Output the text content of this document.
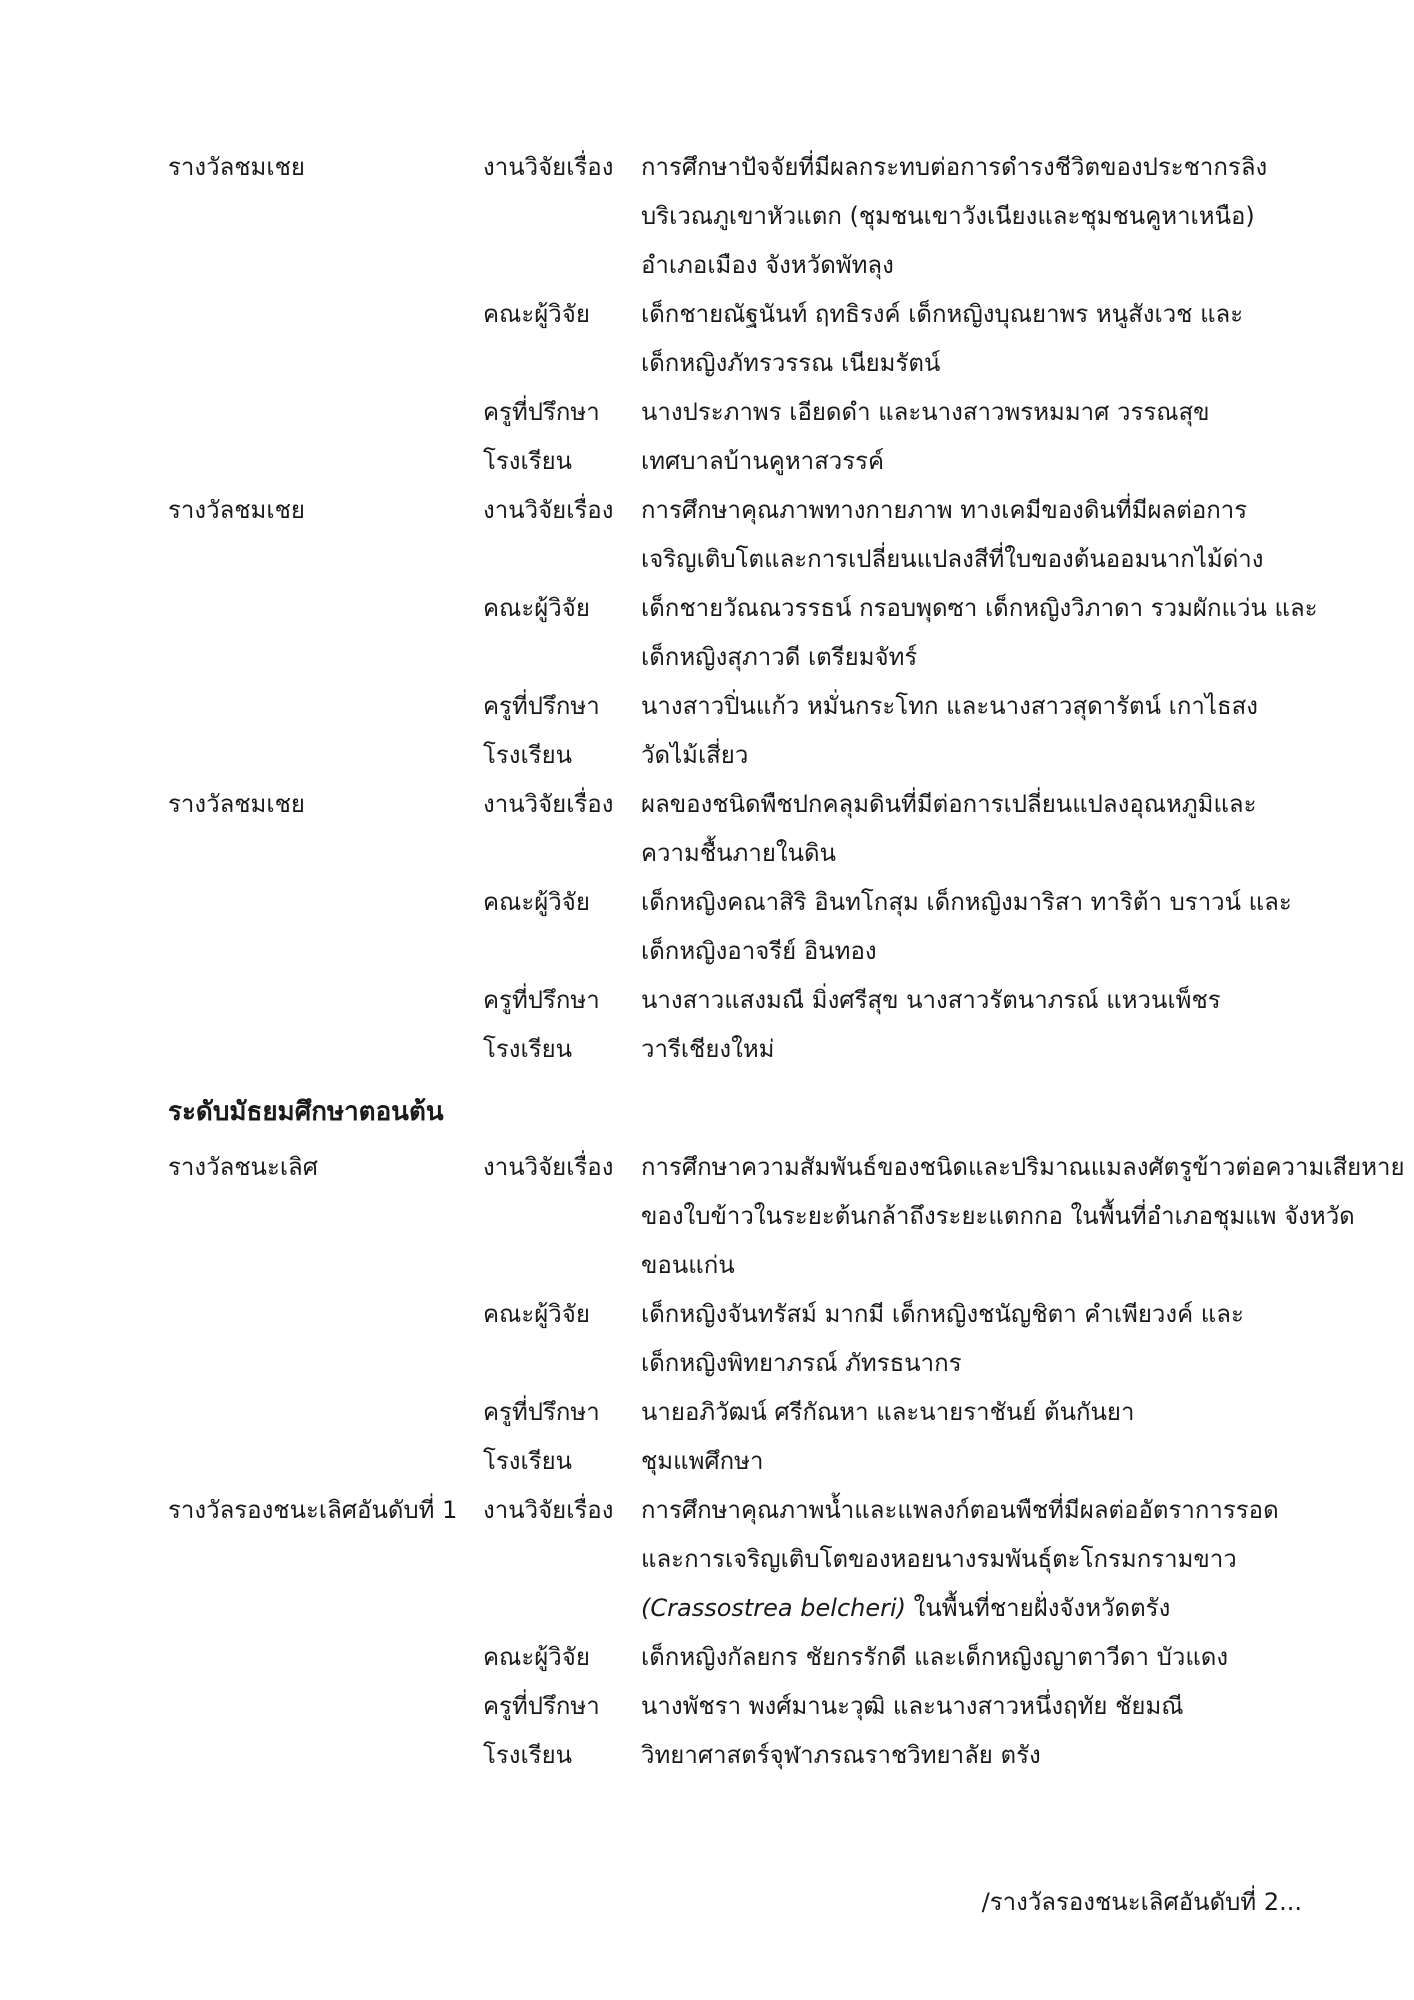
รางวัลชมเชย	งานวิจัยเรื่อง	การศึกษาปัจจัยที่มีผลกระทบต่อการดำรงชีวิตของประชากรลิง
บริเวณภูเขาหัวแตก (ชุมชนเขาวังเนียงและชุมชนคูหาเหนือ)
อำเภอเมือง จังหวัดพัทลุง
คณะผู้วิจัย	เด็กชายณัฐนันท์ ฤทธิรงค์ เด็กหญิงบุณยาพร หนูสังเวช และ
เด็กหญิงภัทรวรรณ เนียมรัตน์
ครูที่ปรึกษา	นางประภาพร เอียดดำ และนางสาวพรหมมาศ วรรณสุข
โรงเรียน	เทศบาลบ้านคูหาสวรรค์
รางวัลชมเชย	งานวิจัยเรื่อง	การศึกษาคุณภาพทางกายภาพ ทางเคมีของดินที่มีผลต่อการ
เจริญเติบโตและการเปลี่ยนแปลงสีที่ใบของต้นออมนากไม้ด่าง
คณะผู้วิจัย	เด็กชายวัณณวรรธน์ กรอบพุดซา เด็กหญิงวิภาดา รวมผักแว่น และ
เด็กหญิงสุภาวดี เตรียมจัทร์
ครูที่ปรึกษา	นางสาวปิ่นแก้ว หมั่นกระโทก และนางสาวสุดารัตน์ เกาไธสง
โรงเรียน	วัดไม้เสี่ยว
รางวัลชมเชย	งานวิจัยเรื่อง	ผลของชนิดพืชปกคลุมดินที่มีต่อการเปลี่ยนแปลงอุณหภูมิและ
ความชื้นภายในดิน
คณะผู้วิจัย	เด็กหญิงคณาสิริ อินทโกสุม เด็กหญิงมาริสา ทาริต้า บราวน์ และ
เด็กหญิงอาจรีย์ อินทอง
ครูที่ปรึกษา	นางสาวแสงมณี มิ่งศรีสุข นางสาวรัตนาภรณ์ แหวนเพ็ชร
โรงเรียน	วารีเชียงใหม่
ระดับมัธยมศึกษาตอนต้น
รางวัลชนะเลิศ	งานวิจัยเรื่อง	การศึกษาความสัมพันธ์ของชนิดและปริมาณแมลงศัตรูข้าวต่อความเสียหาย
ของใบข้าวในระยะต้นกล้าถึงระยะแตกกอ ในพื้นที่อำเภอชุมแพ จังหวัด
ขอนแก่น
คณะผู้วิจัย	เด็กหญิงจันทรัสม์ มากมี เด็กหญิงชนัญชิตา คำเพียวงค์ และ
เด็กหญิงพิทยาภรณ์ ภัทรธนากร
ครูที่ปรึกษา	นายอภิวัฒน์ ศรีกัณหา และนายราชันย์ ต้นกันยา
โรงเรียน	ชุมแพศึกษา
รางวัลรองชนะเลิศอันดับที่ 1	งานวิจัยเรื่อง	การศึกษาคุณภาพน้ำและแพลงก์ตอนพืชที่มีผลต่ออัตราการรอด
และการเจริญเติบโตของหอยนางรมพันธุ์ตะโกรมกรามขาว
(Crassostrea belcheri) ในพื้นที่ชายฝั่งจังหวัดตรัง
คณะผู้วิจัย	เด็กหญิงกัลยกร ชัยกรรักดี และเด็กหญิงญาตาวีดา บัวแดง
ครูที่ปรึกษา	นางพัชรา พงศ์มานะวุฒิ และนางสาวหนึ่งฤทัย ชัยมณี
โรงเรียน	วิทยาศาสตร์จุฬาภรณราชวิทยาลัย ตรัง
/รางวัลรองชนะเลิศอันดับที่ 2...
